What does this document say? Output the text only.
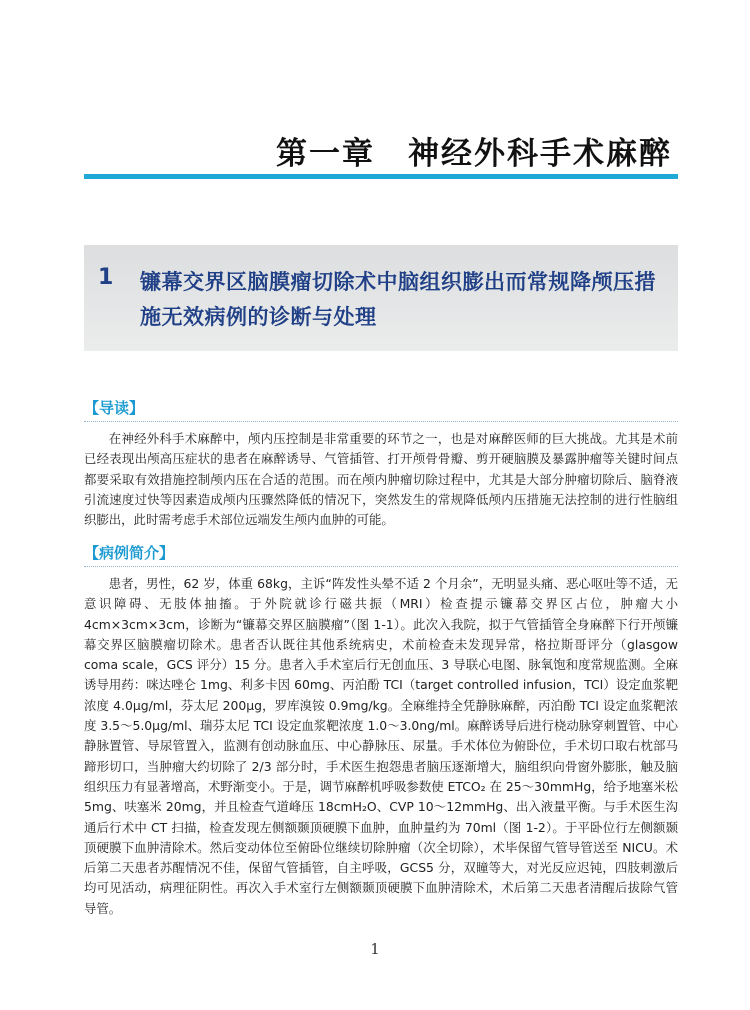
第一章　神经外科手术麻醉
1 镰幕交界区脑膜瘤切除术中脑组织膨出而常规降颅压措施无效病例的诊断与处理
【导读】

在神经外科手术麻醉中，颅内压控制是非常重要的环节之一，也是对麻醉医师的巨大挑战。尤其是术前已经表现出颅高压症状的患者在麻醉诱导、气管插管、打开颅骨骨瓣、剪开硬脑膜及暴露肿瘤等关键时间点都要采取有效措施控制颅内压在合适的范围。而在颅内肿瘤切除过程中，尤其是大部分肿瘤切除后、脑脊液引流速度过快等因素造成颅内压骤然降低的情况下，突然发生的常规降低颅内压措施无法控制的进行性脑组织膨出，此时需考虑手术部位远端发生颅内血肿的可能。

【病例简介】

患者，男性，62 岁，体重 68kg，主诉“阵发性头晕不适 2 个月余”，无明显头痛、恶心呕吐等不适，无意识障碍、无肢体抽搐。于外院就诊行磁共振（MRI）检查提示镰幕交界区占位，肿瘤大小 4cm×3cm×3cm，诊断为“镰幕交界区脑膜瘤”（图 1-1）。此次入我院，拟于气管插管全身麻醉下行开颅镰幕交界区脑膜瘤切除术。患者否认既往其他系统病史，术前检查未发现异常，格拉斯哥评分（glasgow coma scale，GCS 评分）15 分。患者入手术室后行无创血压、3 导联心电图、脉氧饱和度常规监测。全麻诱导用药：咪达唑仑 1mg、利多卡因 60mg、丙泊酚 TCI（target controlled infusion，TCI）设定血浆靶浓度 4.0μg/ml，芬太尼 200μg，罗库溴铵 0.9mg/kg。全麻维持全凭静脉麻醉，丙泊酚 TCI 设定血浆靶浓度 3.5～5.0μg/ml、瑞芬太尼 TCI 设定血浆靶浓度 1.0～3.0ng/ml。麻醉诱导后进行桡动脉穿刺置管、中心静脉置管、导尿管置入，监测有创动脉血压、中心静脉压、尿量。手术体位为俯卧位，手术切口取右枕部马蹄形切口，当肿瘤大约切除了 2/3 部分时，手术医生抱怨患者脑压逐渐增大，脑组织向骨窗外膨胀，触及脑组织压力有显著增高，术野渐变小。于是，调节麻醉机呼吸参数使 ETCO₂ 在 25～30mmHg，给予地塞米松 5mg、呋塞米 20mg，并且检查气道峰压 18cmH₂O、CVP 10～12mmHg、出入液量平衡。与手术医生沟通后行术中 CT 扫描，检查发现左侧额颞顶硬膜下血肿，血肿量约为 70ml（图 1-2）。于平卧位行左侧额颞顶硬膜下血肿清除术。然后变动体位至俯卧位继续切除肿瘤（次全切除），术毕保留气管导管送至 NICU。术后第二天患者苏醒情况不佳，保留气管插管，自主呼吸，GCS5 分，双瞳等大，对光反应迟钝，四肢刺激后均可见活动，病理征阴性。再次入手术室行左侧额颞顶硬膜下血肿清除术，术后第二天患者清醒后拔除气管导管。

1
